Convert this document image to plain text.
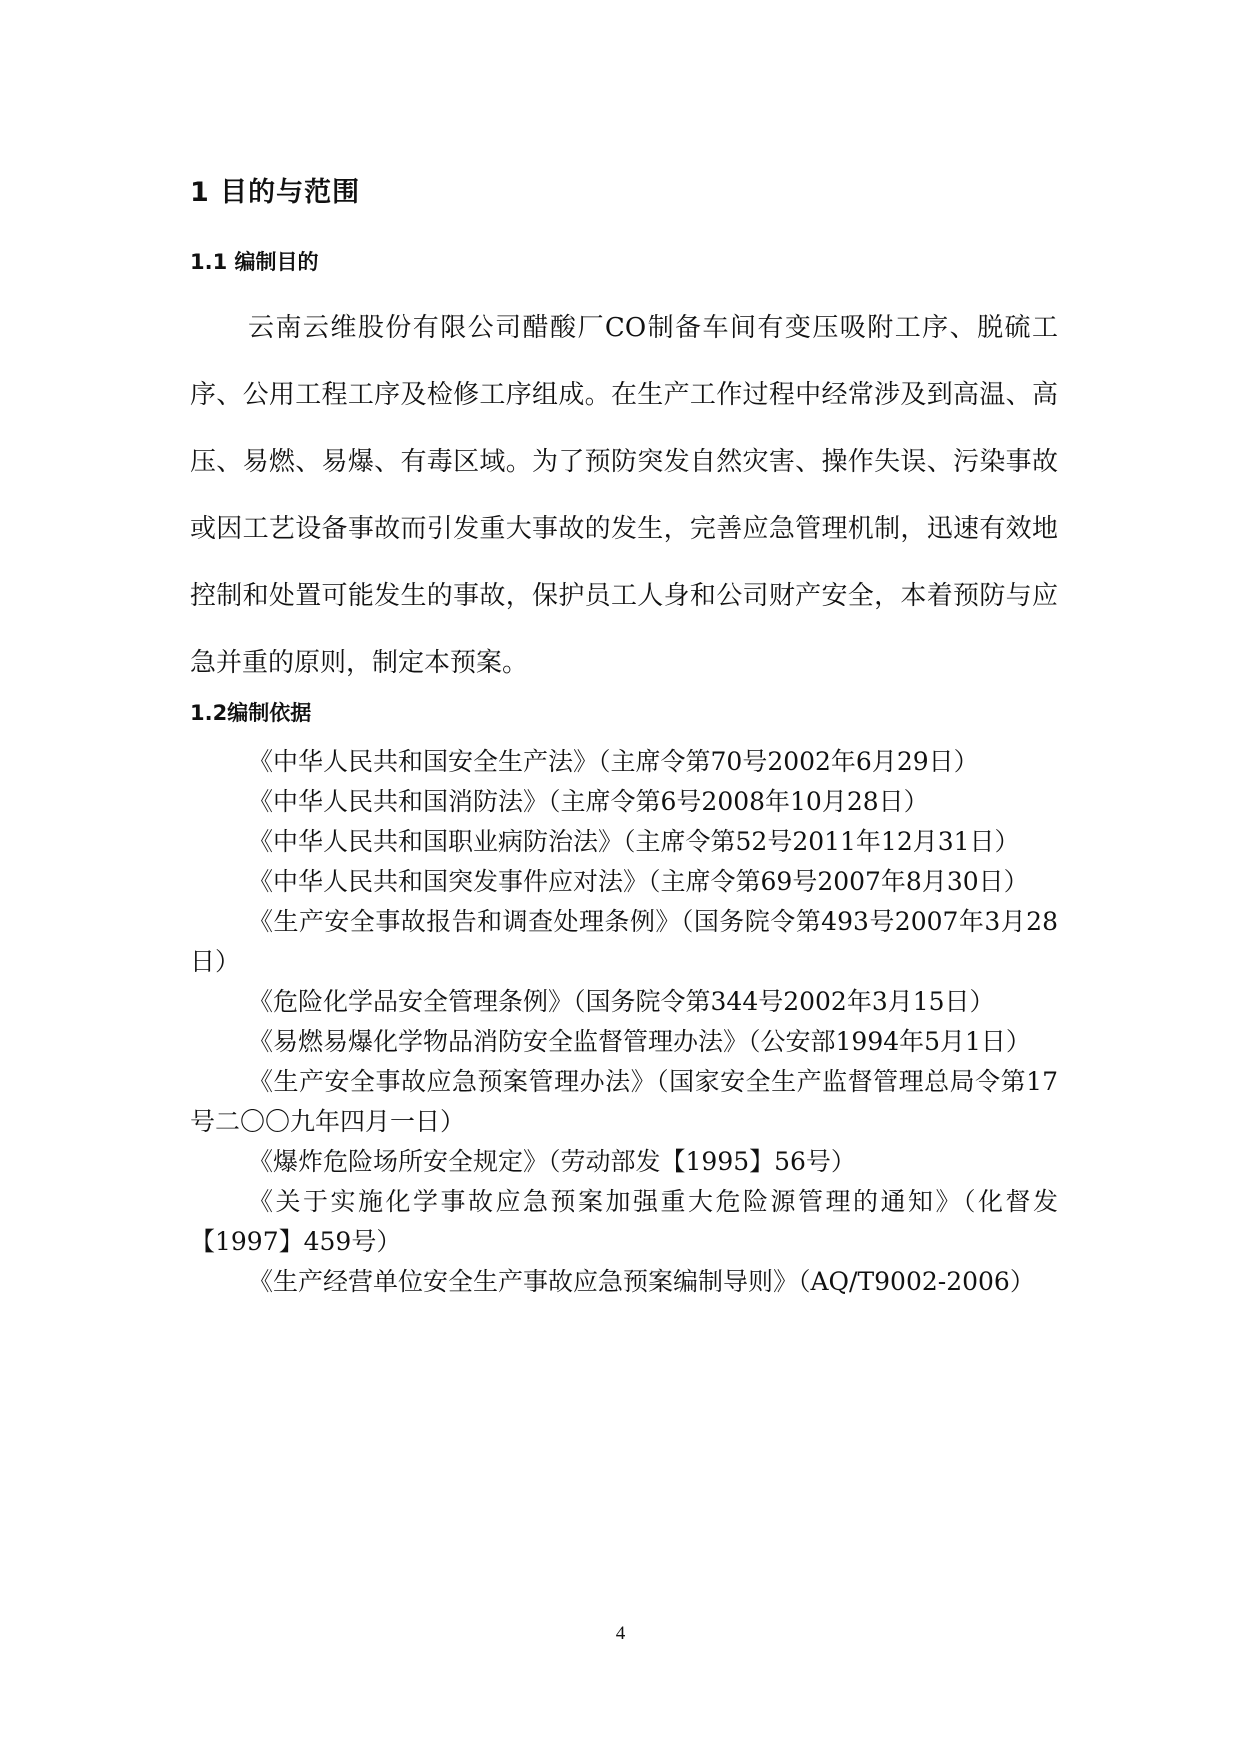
1 目的与范围
1.1 编制目的

云南云维股份有限公司醋酸厂CO制备车间有变压吸附工序、脱硫工序、公用工程工序及检修工序组成。在生产工作过程中经常涉及到高温、高压、易燃、易爆、有毒区域。为了预防突发自然灾害、操作失误、污染事故或因工艺设备事故而引发重大事故的发生，完善应急管理机制，迅速有效地控制和处置可能发生的事故，保护员工人身和公司财产安全，本着预防与应急并重的原则，制定本预案。

1.2编制依据
《中华人民共和国安全生产法》（主席令第70号2002年6月29日）
《中华人民共和国消防法》（主席令第6号2008年10月28日）
《中华人民共和国职业病防治法》（主席令第52号2011年12月31日）
《中华人民共和国突发事件应对法》（主席令第69号2007年8月30日）
《生产安全事故报告和调查处理条例》（国务院令第493号2007年3月28日）
《危险化学品安全管理条例》（国务院令第344号2002年3月15日）
《易燃易爆化学物品消防安全监督管理办法》（公安部1994年5月1日）
《生产安全事故应急预案管理办法》（国家安全生产监督管理总局令第17号二〇〇九年四月一日）
《爆炸危险场所安全规定》（劳动部发【1995】56号）
《关于实施化学事故应急预案加强重大危险源管理的通知》（化督发【1997】459号）
《生产经营单位安全生产事故应急预案编制导则》（AQ/T9002-2006）
4
